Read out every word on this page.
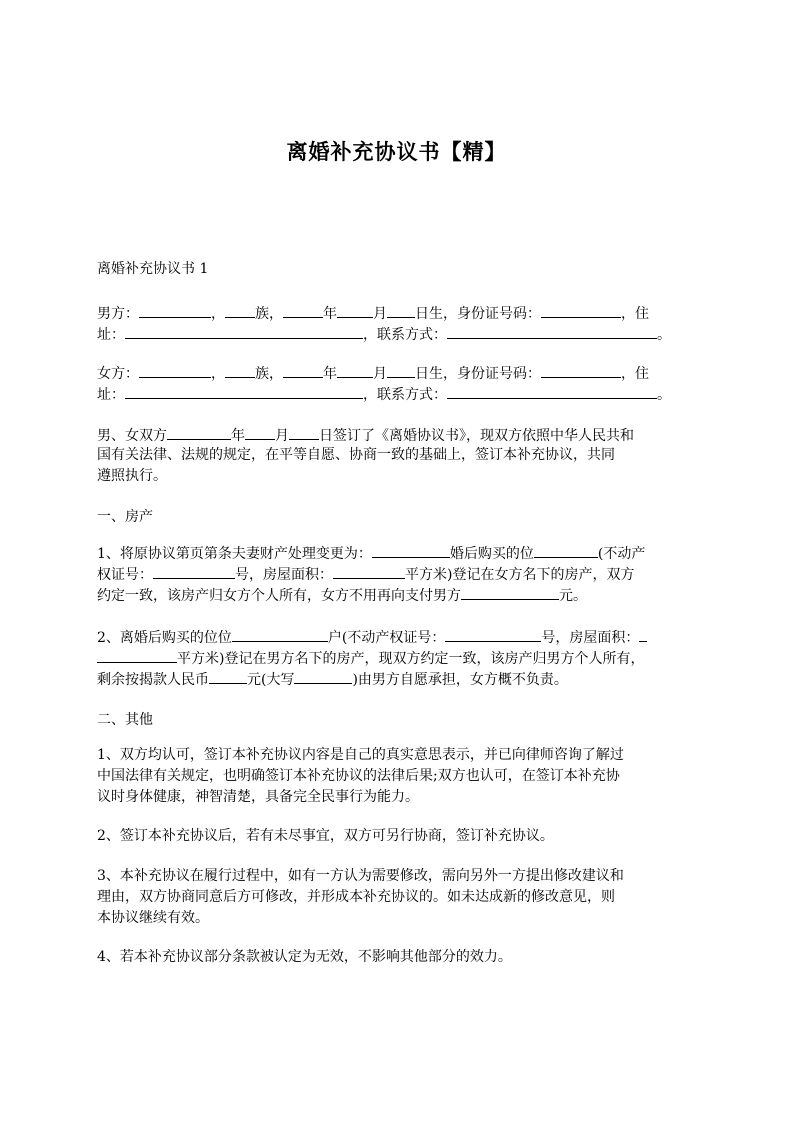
离婚补充协议书【精】
离婚补充协议书 1
男方：	， 族，	年	月 日生，身份证号码：	，住
址：	，联系方式：	。
女方：	， 族，	年	月 日生，身份证号码：	，住
址：	，联系方式：	。
男、女双方	年 月 日签订了《离婚协议书》，现双方依照中华人民共和
国有关法律、法规的规定，在平等自愿、协商一致的基础上，签订本补充协议，共同
遵照执行。
一、房产
1、将原协议第页第条夫妻财产处理变更为：	婚后购买的位	(不动产
权证号：	号，房屋面积：	平方米)登记在女方名下的房产，双方
约定一致，该房产归女方个人所有，女方不用再向支付男方	元。
2、离婚后购买的位位	户(不动产权证号：	号，房屋面积：
平方米)登记在男方名下的房产，现双方约定一致，该房产归男方个人所有，
剩余按揭款人民币	元(大写	)由男方自愿承担，女方概不负责。
二、其他
1、双方均认可，签订本补充协议内容是自己的真实意思表示，并已向律师咨询了解过
中国法律有关规定，也明确签订本补充协议的法律后果;双方也认可，在签订本补充协
议时身体健康，神智清楚，具备完全民事行为能力。
2、签订本补充协议后，若有未尽事宜，双方可另行协商，签订补充协议。
3、本补充协议在履行过程中，如有一方认为需要修改，需向另外一方提出修改建议和
理由，双方协商同意后方可修改，并形成本补充协议的。如未达成新的修改意见，则
本协议继续有效。
4、若本补充协议部分条款被认定为无效，不影响其他部分的效力。
